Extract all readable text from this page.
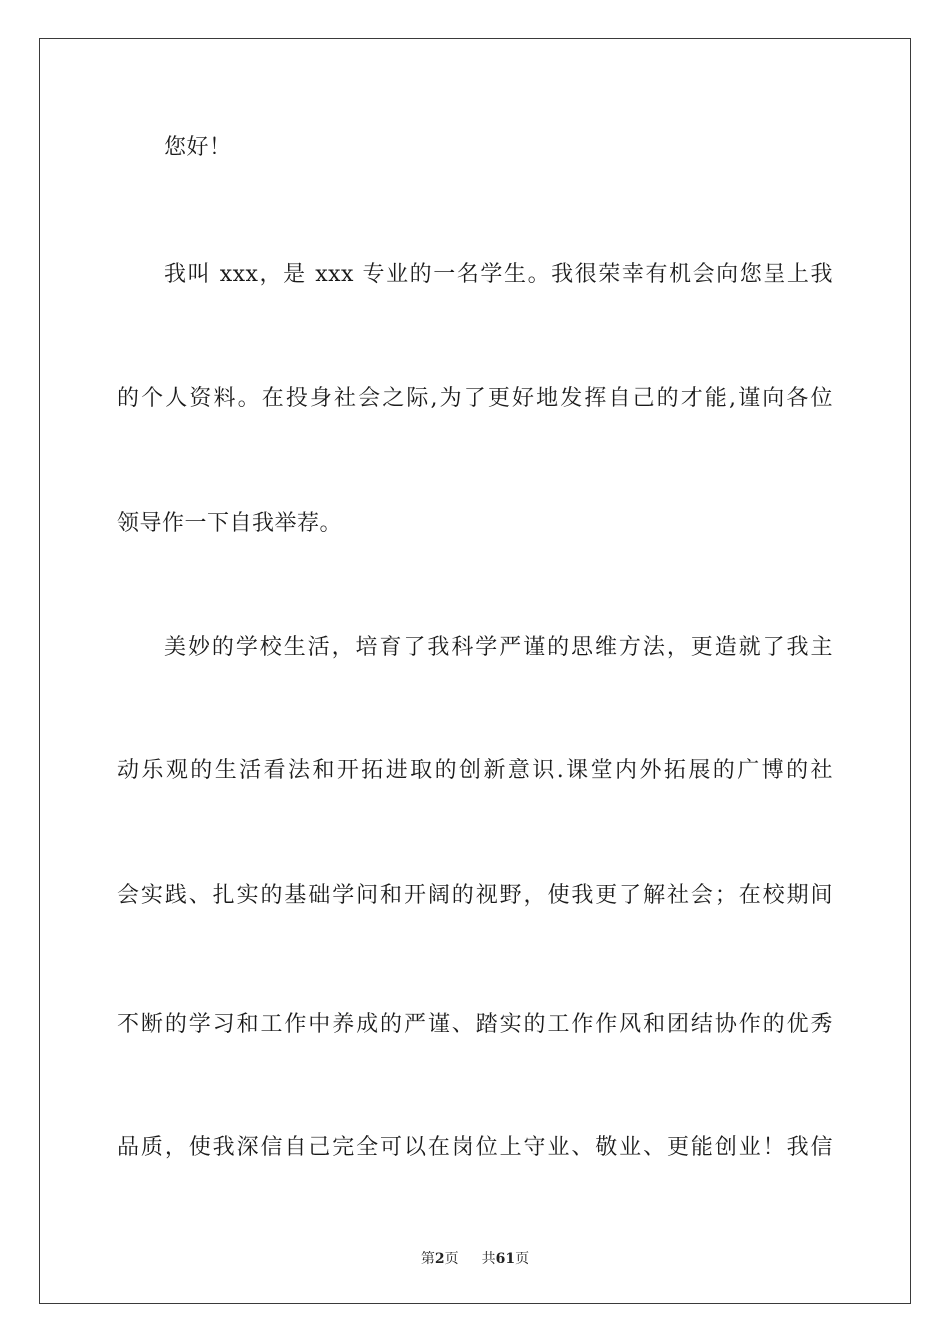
您好！
我叫 xxx，是 xxx 专业的一名学生。我很荣幸有机会向您呈上我
的个人资料。在投身社会之际,为了更好地发挥自己的才能,谨向各位
领导作一下自我举荐。
美妙的学校生活，培育了我科学严谨的思维方法，更造就了我主
动乐观的生活看法和开拓进取的创新意识.课堂内外拓展的广博的社
会实践、扎实的基础学问和开阔的视野，使我更了解社会；在校期间
不断的学习和工作中养成的严谨、踏实的工作作风和团结协作的优秀
品质，使我深信自己完全可以在岗位上守业、敬业、更能创业！我信
第2页 共61页
